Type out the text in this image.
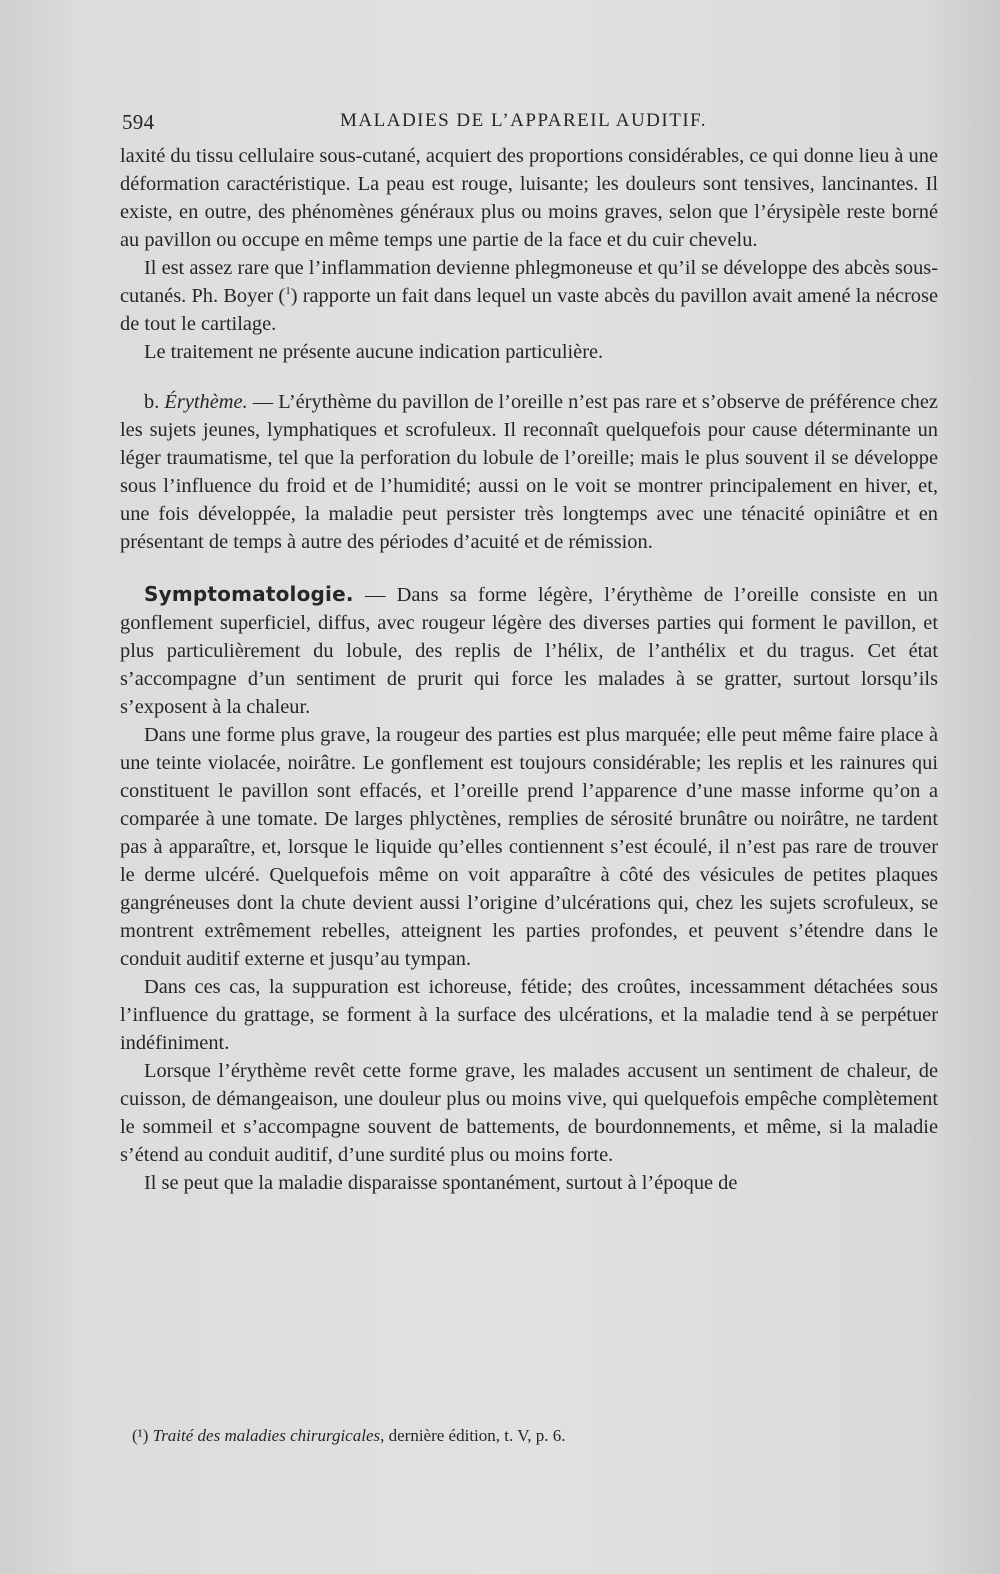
594	MALADIES DE L’APPAREIL AUDITIF.

laxité du tissu cellulaire sous-cutané, acquiert des proportions considérables, ce qui donne lieu à une déformation caractéristique. La peau est rouge, luisante; les douleurs sont tensives, lancinantes. Il existe, en outre, des phénomènes généraux plus ou moins graves, selon que l’érysipèle reste borné au pavillon ou occupe en même temps une partie de la face et du cuir chevelu.

Il est assez rare que l’inflammation devienne phlegmoneuse et qu’il se développe des abcès sous-cutanés. Ph. Boyer ($^1$) rapporte un fait dans lequel un vaste abcès du pavillon avait amené la nécrose de tout le cartilage.

Le traitement ne présente aucune indication particulière.

b. Érythème. — L’érythème du pavillon de l’oreille n’est pas rare et s’observe de préférence chez les sujets jeunes, lymphatiques et scrofuleux. Il reconnaît quelquefois pour cause déterminante un léger traumatisme, tel que la perforation du lobule de l’oreille; mais le plus souvent il se développe sous l’influence du froid et de l’humidité; aussi on le voit se montrer principalement en hiver, et, une fois développée, la maladie peut persister très longtemps avec une ténacité opiniâtre et en présentant de temps à autre des périodes d’acuité et de rémission.

Symptomatologie. — Dans sa forme légère, l’érythème de l’oreille consiste en un gonflement superficiel, diffus, avec rougeur légère des diverses parties qui forment le pavillon, et plus particulièrement du lobule, des replis de l’hélix, de l’anthélix et du tragus. Cet état s’accompagne d’un sentiment de prurit qui force les malades à se gratter, surtout lorsqu’ils s’exposent à la chaleur.

Dans une forme plus grave, la rougeur des parties est plus marquée; elle peut même faire place à une teinte violacée, noirâtre. Le gonflement est toujours considérable; les replis et les rainures qui constituent le pavillon sont effacés, et l’oreille prend l’apparence d’une masse informe qu’on a comparée à une tomate. De larges phlyctènes, remplies de sérosité brunâtre ou noirâtre, ne tardent pas à apparaître, et, lorsque le liquide qu’elles contiennent s’est écoulé, il n’est pas rare de trouver le derme ulcéré. Quelquefois même on voit apparaître à côté des vésicules de petites plaques gangréneuses dont la chute devient aussi l’origine d’ulcérations qui, chez les sujets scrofuleux, se montrent extrêmement rebelles, atteignent les parties profondes, et peuvent s’étendre dans le conduit auditif externe et jusqu’au tympan.

Dans ces cas, la suppuration est ichoreuse, fétide; des croûtes, incessamment détachées sous l’influence du grattage, se forment à la surface des ulcérations, et la maladie tend à se perpétuer indéfiniment.

Lorsque l’érythème revêt cette forme grave, les malades accusent un sentiment de chaleur, de cuisson, de démangeaison, une douleur plus ou moins vive, qui quelquefois empêche complètement le sommeil et s’accompagne souvent de battements, de bourdonnements, et même, si la maladie s’étend au conduit auditif, d’une surdité plus ou moins forte.

Il se peut que la maladie disparaisse spontanément, surtout à l’époque de

(¹) Traité des maladies chirurgicales, dernière édition, t. V, p. 6.
